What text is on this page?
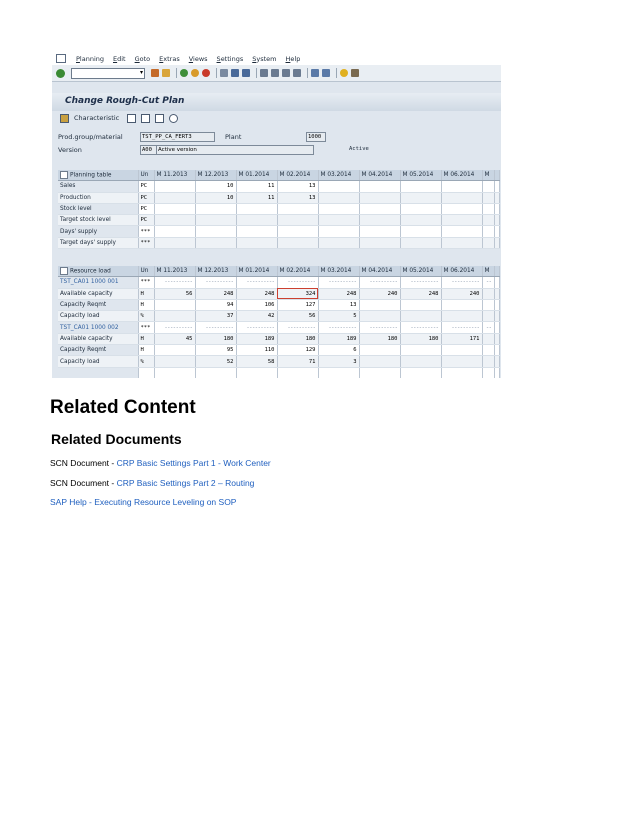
Planning Edit Goto Extras Views Settings System Help
▾
Change Rough-Cut Plan
Characteristic
Prod.group/material	TST_PP_CA_FERT3	Plant	1000
Version	A00	Active version	Active
Planning table	Un	M 11.2013	M 12.2013	M 01.2014	M 02.2014	M 03.2014	M 04.2014	M 05.2014	M 06.2014	M	
Sales	PC		10	11	13						
Production	PC		10	11	13						
Stock level	PC										
Target stock level	PC										
Days' supply	***										
Target days' supply	***										
Resource load	Un	M 11.2013	M 12.2013	M 01.2014	M 02.2014	M 03.2014	M 04.2014	M 05.2014	M 06.2014	M	
TST_CA01 1000 001	***	----------	----------	----------	----------	----------	----------	----------	----------	--	
Available capacity	H	56	248	248	324	248	240	248	240		
Capacity Reqmt	H		94	106	127	13					
Capacity load	%		37	42	56	5					
TST_CA01 1000 002	***	----------	----------	----------	----------	----------	----------	----------	----------	--	
Available capacity	H	45	180	189	180	189	180	180	171		
Capacity Reqmt	H		95	110	129	6					
Capacity load	%		52	58	71	3					

Related Content
Related Documents
SCN Document - CRP Basic Settings Part 1 - Work Center
SCN Document - CRP Basic Settings Part 2 – Routing
SAP Help - Executing Resource Leveling on SOP
